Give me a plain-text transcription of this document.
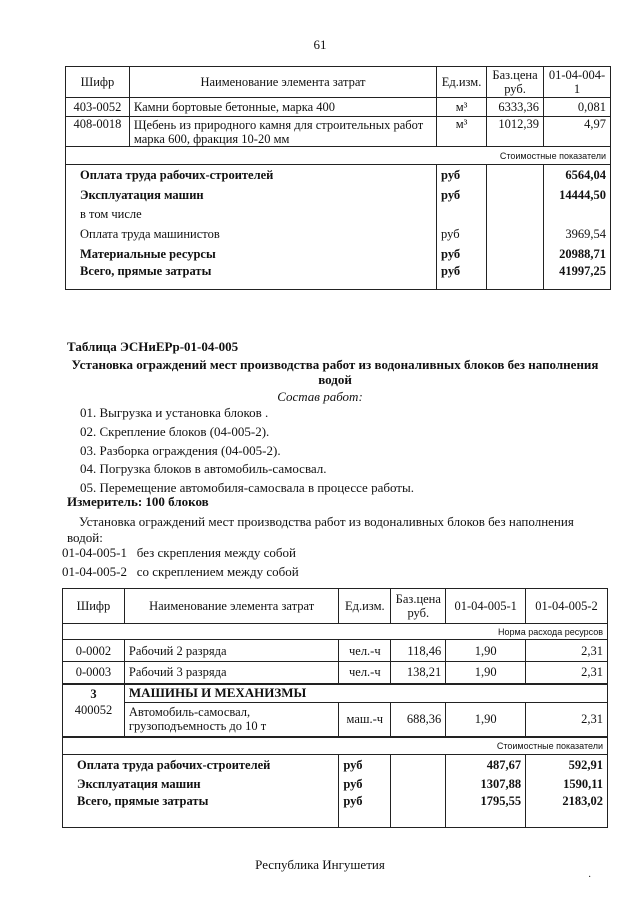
61
Шифр	Наименование элемента затрат	Ед.изм.	Баз.цена руб.	01-04-004-1
403-0052	Камни бортовые бетонные, марка 400	м³	6333,36	0,081
408-0018	Щебень из природного камня для строительных работ марка 600, фракция 10-20 мм	м³	1012,39	4,97
Стоимостные показатели				
Оплата труда рабочих-строителей		руб		6564,04
Эксплуатация машин		руб		14444,50
в том числе				
Оплата труда машинистов		руб		3969,54
Материальные ресурсы		руб		20988,71
Всего, прямые затраты		руб		41997,25
Таблица ЭСНиЕРр-01-04-005
Установка ограждений мест производства работ из водоналивных блоков без наполнения водой
Состав работ:
01. Выгрузка и установка блоков .
02. Скрепление блоков (04-005-2).
03. Разборка ограждения (04-005-2).
04. Погрузка блоков в автомобиль-самосвал.
05. Перемещение автомобиля-самосвала в процессе работы.
Измеритель: 100 блоков
Установка ограждений мест производства работ из водоналивных блоков без наполнения водой:
01-04-005-1 без скрепления между собой
01-04-005-2 со скреплением между собой
Шифр	Наименование элемента затрат	Ед.изм.	Баз.цена руб.	01-04-005-1	01-04-005-2
Норма расхода ресурсов					
0-0002	Рабочий 2 разряда	чел.-ч	118,46	1,90	2,31
0-0003	Рабочий 3 разряда	чел.-ч	138,21	1,90	2,31
3	МАШИНЫ И МЕХАНИЗМЫ				
400052	Автомобиль-самосвал, грузоподъемность до 10 т	маш.-ч	688,36	1,90	2,31
Стоимостные показатели					
Оплата труда рабочих-строителей		руб		487,67	592,91
Эксплуатация машин		руб		1307,88	1590,11
Всего, прямые затраты		руб		1795,55	2183,02
Республика Ингушетия
·
